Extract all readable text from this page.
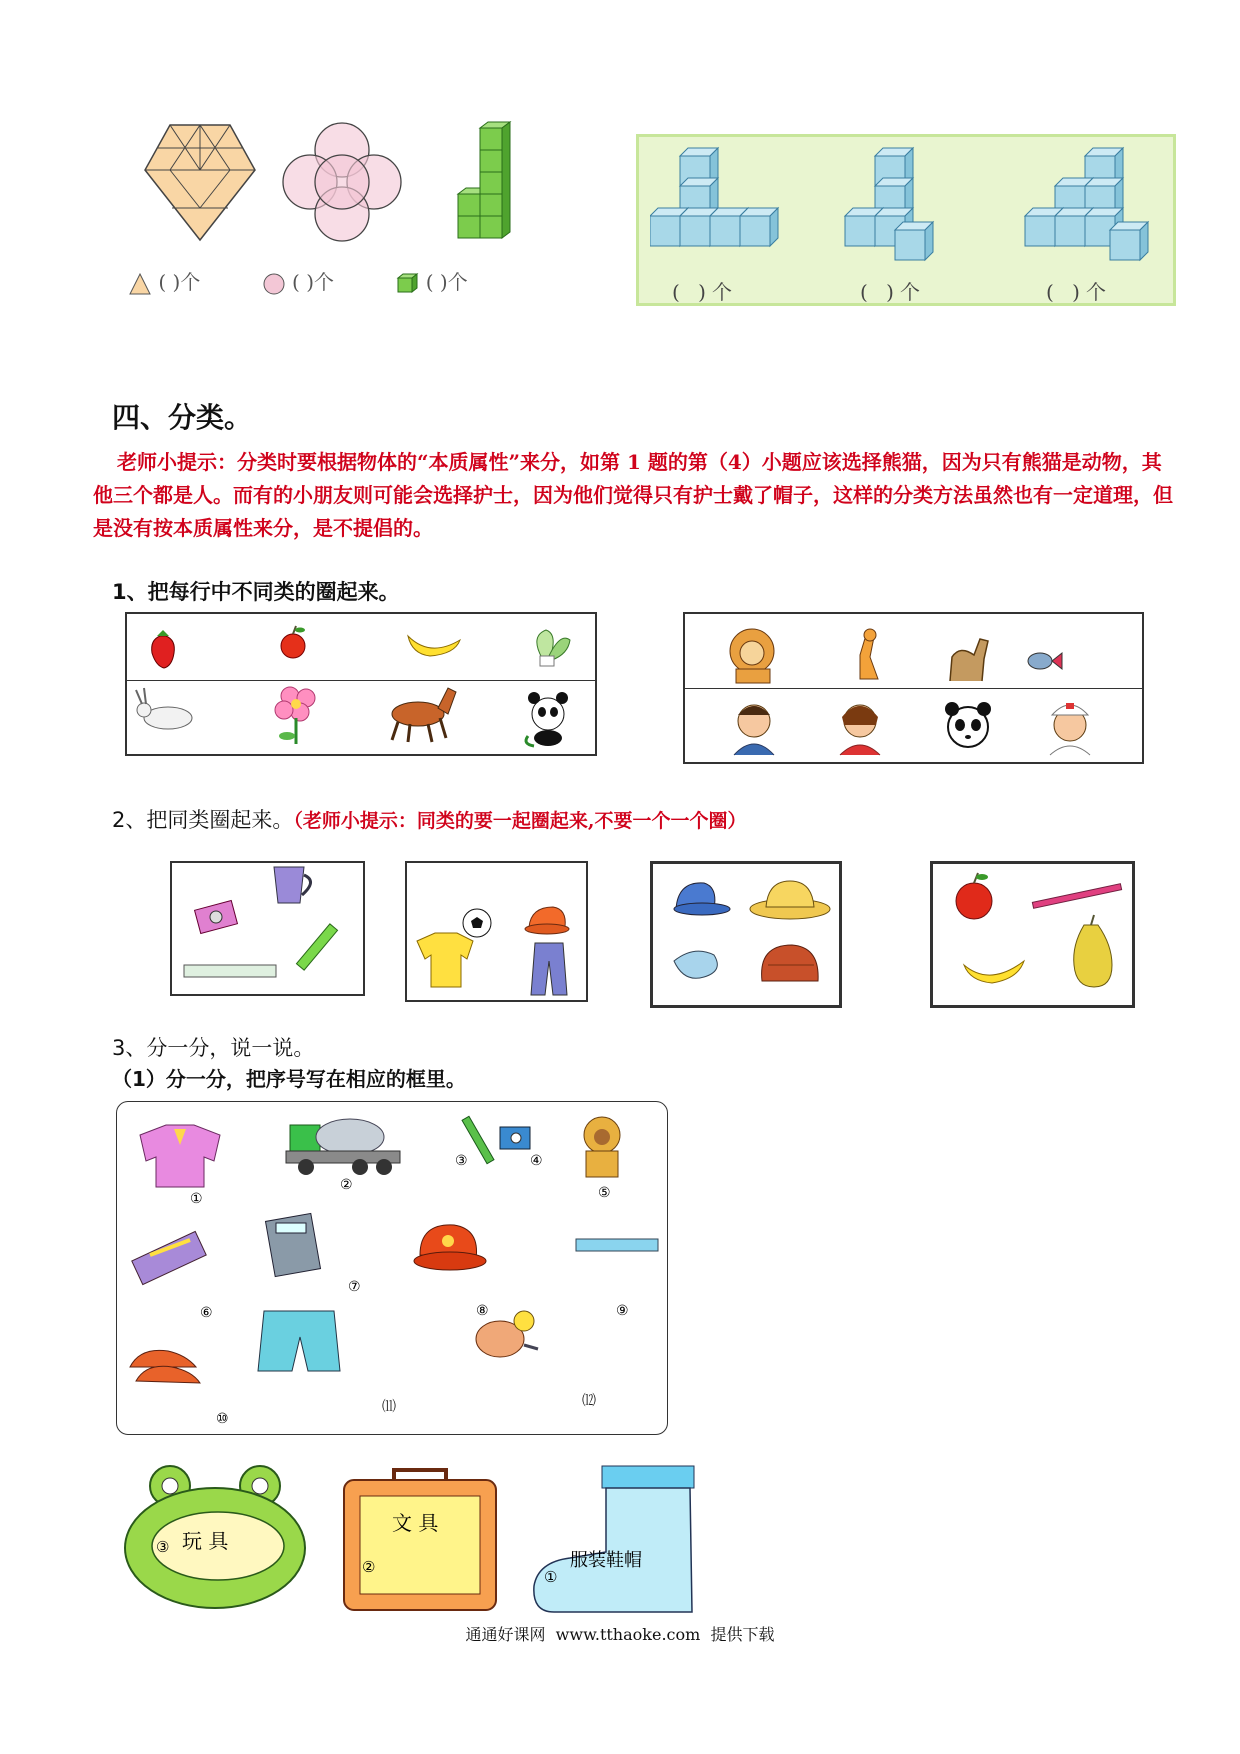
( )个	( )个	( )个	( )个	( )个	( )个
四、分类。
老师小提示：分类时要根据物体的“本质属性”来分，如第 1 题的第（4）小题应该选择熊猫，因为只有熊猫是动物，其他三个都是人。而有的小朋友则可能会选择护士，因为他们觉得只有护士戴了帽子，这样的分类方法虽然也有一定道理，但是没有按本质属性来分，是不提倡的。
1、把每行中不同类的圈起来。
2、把同类圈起来。（老师小提示：同类的要一起圈起来,不要一个一个圈）
3、分一分，说一说。
（1）分一分，把序号写在相应的框里。
①
②
③	④
⑤
⑥
⑦
⑧	⑨
⑩
⑾	⑿
③ 玩 具
②
文 具
①
服装鞋帽
通通好课网  www.tthaoke.com  提供下载
